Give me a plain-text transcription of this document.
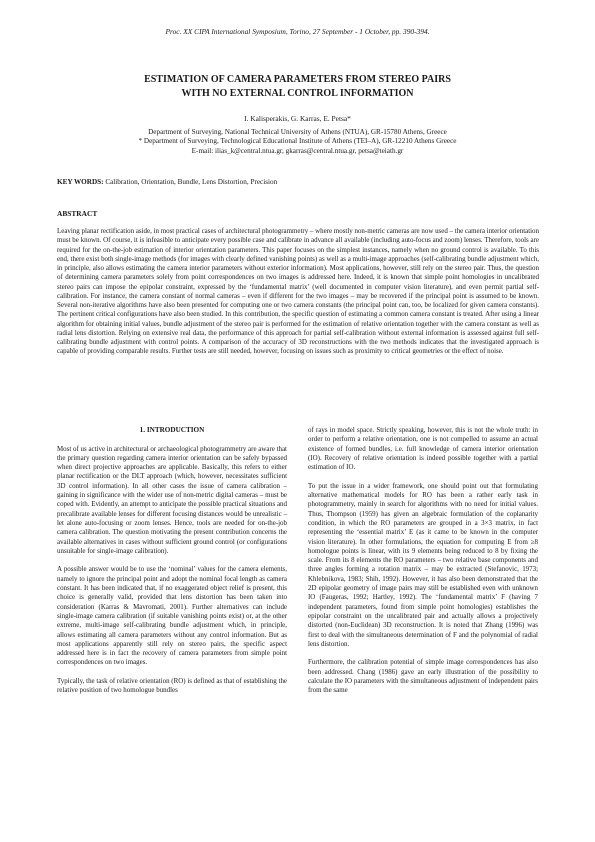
Proc. XX CIPA International Symposium, Torino, 27 September - 1 October, pp. 390-394.
ESTIMATION OF CAMERA PARAMETERS FROM STEREO PAIRS
WITH NO EXTERNAL CONTROL INFORMATION
I. Kalisperakis, G. Karras, E. Petsa*
Department of Surveying, National Technical University of Athens (NTUA), GR-15780 Athens, Greece
* Department of Surveying, Technological Educational Institute of Athens (TEI–A), GR-12210 Athens Greece
E-mail: ilias_k@central.ntua.gr, gkarras@central.ntua.gr, petsa@teiath.gr
KEY WORDS: Calibration, Orientation, Bundle, Lens Distortion, Precision
ABSTRACT
Leaving planar rectification aside, in most practical cases of architectural photogrammetry – where mostly non-metric cameras are now used – the camera interior orientation must be known. Of course, it is infeasible to anticipate every possible case and calibrate in advance all available (including auto-focus and zoom) lenses. Therefore, tools are required for the on-the-job estimation of interior orientation parameters. This paper focuses on the simplest instances, namely when no ground control is available. To this end, there exist both single-image methods (for images with clearly defined vanishing points) as well as a multi-image approaches (self-calibrating bundle adjustment which, in principle, also allows estimating the camera interior parameters without exterior information). Most applications, however, still rely on the stereo pair. Thus, the question of determining camera parameters solely from point correspondences on two images is addressed here. Indeed, it is known that simple point homologies in uncalibrated stereo pairs can impose the epipolar constraint, expressed by the ‘fundamental matrix’ (well documented in computer vision literature), and even permit partial self-calibration. For instance, the camera constant of normal cameras – even if different for the two images – may be recovered if the principal point is assumed to be known. Several non-iterative algorithms have also been presented for computing one or two camera constants (the principal point can, too, be localized for given camera constants). The pertinent critical configurations have also been studied. In this contribution, the specific question of estimating a common camera constant is treated. After using a linear algorithm for obtaining initial values, bundle adjustment of the stereo pair is performed for the estimation of relative orientation together with the camera constant as well as radial lens distortion. Relying on extensive real data, the performance of this approach for partial self-calibration without external information is assessed against full self-calibrating bundle adjustment with control points. A comparison of the accuracy of 3D reconstructions with the two methods indicates that the investigated approach is capable of providing comparable results. Further tests are still needed, however, focusing on issues such as proximity to critical geometries or the effect of noise.
1. INTRODUCTION

Most of us active in architectural or archaeological photogrammetry are aware that the primary question regarding camera interior orientation can be safely bypassed when direct projective approaches are applicable. Basically, this refers to either planar rectification or the DLT approach (which, however, necessitates sufficient 3D control information). In all other cases the issue of camera calibration – gaining in significance with the wider use of non-metric digital cameras – must be coped with. Evidently, an attempt to anticipate the possible practical situations and precalibrate available lenses for different focusing distances would be unrealistic – let alone auto-focusing or zoom lenses. Hence, tools are needed for on-the-job camera calibration. The question motivating the present contribution concerns the available alternatives in cases without sufficient ground control (or configurations unsuitable for single-image calibration).

A possible answer would be to use the ‘nominal’ values for the camera elements, namely to ignore the principal point and adopt the nominal focal length as camera constant. It has been indicated that, if no exaggerated object relief is present, this choice is generally valid, provided that lens distortion has been taken into consideration (Karras & Mavromati, 2001). Further alternatives can include single-image camera calibration (if suitable vanishing points exist) or, at the other extreme, multi-image self-calibrating bundle adjustment which, in principle, allows estimating all camera parameters without any control information. But as most applications apparently still rely on stereo pairs, the specific aspect addressed here is in fact the recovery of camera parameters from simple point correspondences on two images.

Typically, the task of relative orientation (RO) is defined as that of establishing the relative position of two homologue bundles

of rays in model space. Strictly speaking, however, this is not the whole truth: in order to perform a relative orientation, one is not compelled to assume an actual existence of formed bundles, i.e. full knowledge of camera interior orientation (IO). Recovery of relative orientation is indeed possible together with a partial estimation of IO.

To put the issue in a wider framework, one should point out that formulating alternative mathematical models for RO has been a rather early task in photogrammetry, mainly in search for algorithms with no need for initial values. Thus, Thompson (1959) has given an algebraic formulation of the coplanarity condition, in which the RO parameters are grouped in a 3×3 matrix, in fact representing the ‘essential matrix’ E (as it came to be known in the computer vision literature). In other formulations, the equation for computing E from ≥8 homologue points is linear, with its 9 elements being reduced to 8 by fixing the scale. From its 8 elements the RO parameters – two relative base components and three angles forming a rotation matrix – may be extracted (Stefanovic, 1973; Khlebnikova, 1983; Shih, 1992). However, it has also been demonstrated that the 2D epipolar geometry of image pairs may still be established even with unknown IO (Faugeras, 1992; Hartley, 1992). The ‘fundamental matrix’ F (having 7 independent parameters, found from simple point homologies) establishes the epipolar constraint on the uncalibrated pair and actually allows a projectively distorted (non-Euclidean) 3D reconstruction. It is noted that Zhang (1996) was first to deal with the simultaneous determination of F and the polynomial of radial lens distortion.

Furthermore, the calibration potential of simple image correspondences has also been addressed. Chang (1986) gave an early illustration of the possibility to calculate the IO parameters with the simultaneous adjustment of independent pairs from the same
